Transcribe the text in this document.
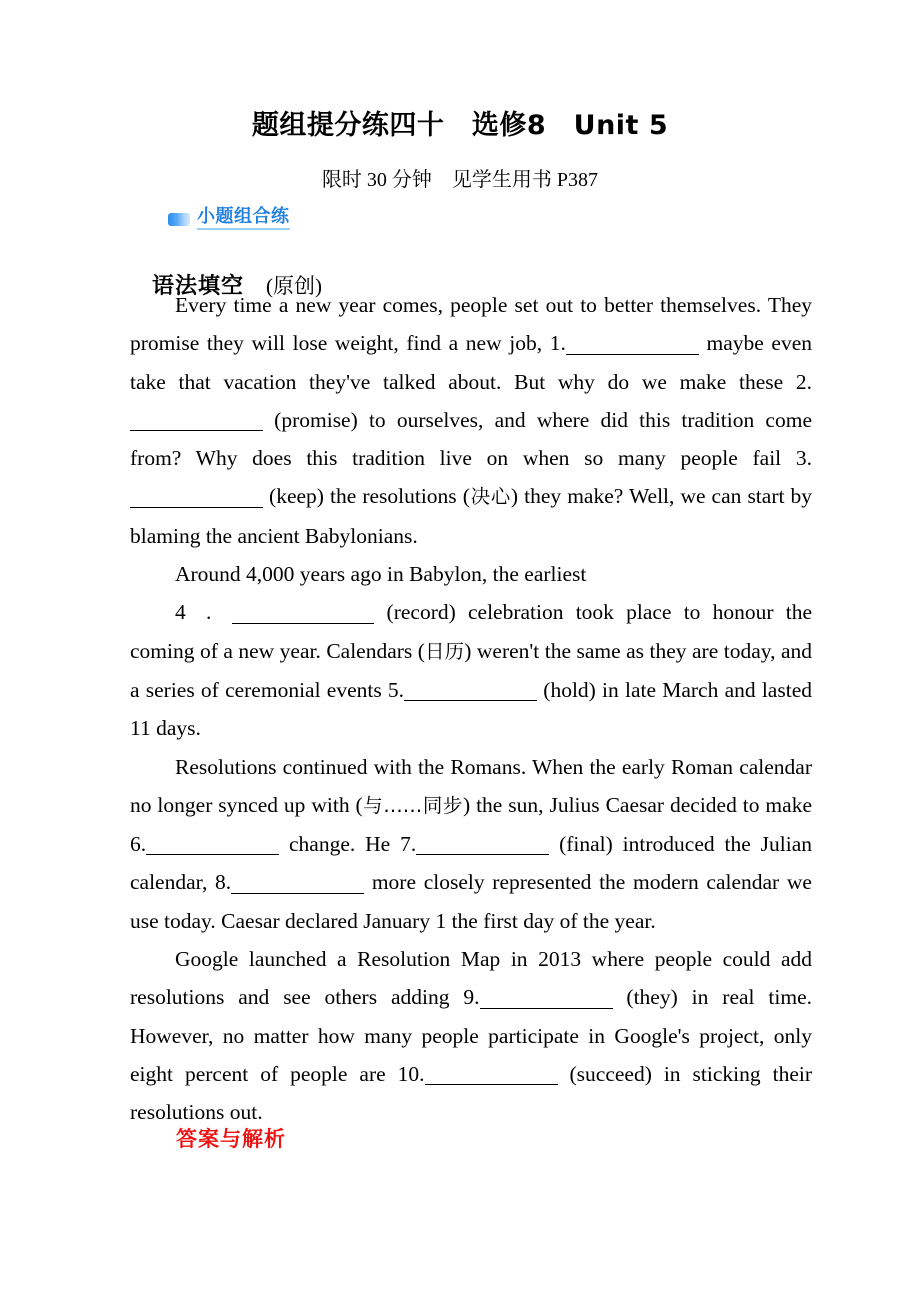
题组提分练四十　选修8　Unit 5
限时 30 分钟　见学生用书 P387
小题组合练

语法填空 (原创)

Every time a new year comes, people set out to better themselves. They promise they will lose weight, find a new job, 1.	maybe even take that vacation they've talked about. But why do we make these 2. (promise) to ourselves, and where did this tradition come from? Why does this tradition live on when so many people fail 3. (keep) the resolutions (决心) they make? Well, we can start by blaming the ancient Babylonians.

Around 4,000 years ago in Babylon, the earliest

4 .	(record) celebration took place to honour the coming of a new year. Calendars (日历) weren't the same as they are today, and a series of ceremonial events 5.	(hold) in late March and lasted 11 days.

Resolutions continued with the Romans. When the early Roman calendar no longer synced up with (与……同步) the sun, Julius Caesar decided to make 6.	change. He 7.	(final) introduced the Julian calendar, 8.	more closely represented the modern calendar we use today. Caesar declared January 1 the first day of the year.

Google launched a Resolution Map in 2013 where people could add resolutions and see others adding 9.	(they) in real time. However, no matter how many people participate in Google's project, only eight percent of people are 10.	(succeed) in sticking their resolutions out.

答案与解析
